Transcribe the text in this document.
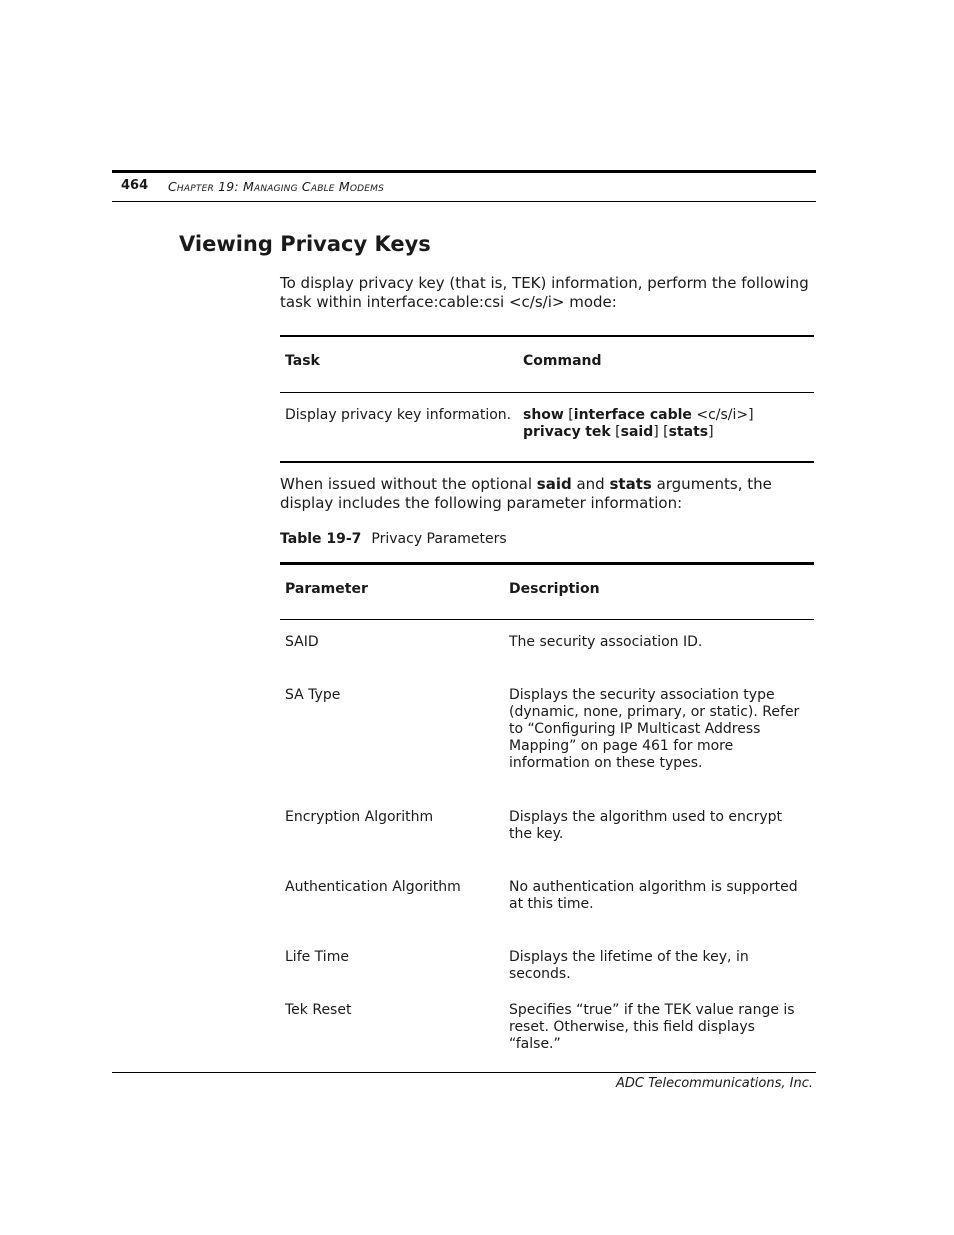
464 Chapter 19: Managing Cable Modems
Viewing Privacy Keys
To display privacy key (that is, TEK) information, perform the following task within interface:cable:csi <c/s/i> mode:
Task	Command
Display privacy key information. show [interface cable <c/s/i>] privacy tek [said] [stats]
When issued without the optional said and stats arguments, the display includes the following parameter information:
Table 19-7 Privacy Parameters
Parameter	Description
SAID	The security association ID.
SA Type	Displays the security association type (dynamic, none, primary, or static). Refer to “Configuring IP Multicast Address Mapping” on page 461 for more information on these types.
Encryption Algorithm	Displays the algorithm used to encrypt the key.
Authentication Algorithm	No authentication algorithm is supported at this time.
Life Time	Displays the lifetime of the key, in seconds.
Tek Reset	Specifies “true” if the TEK value range is reset. Otherwise, this field displays “false.”
ADC Telecommunications, Inc.
